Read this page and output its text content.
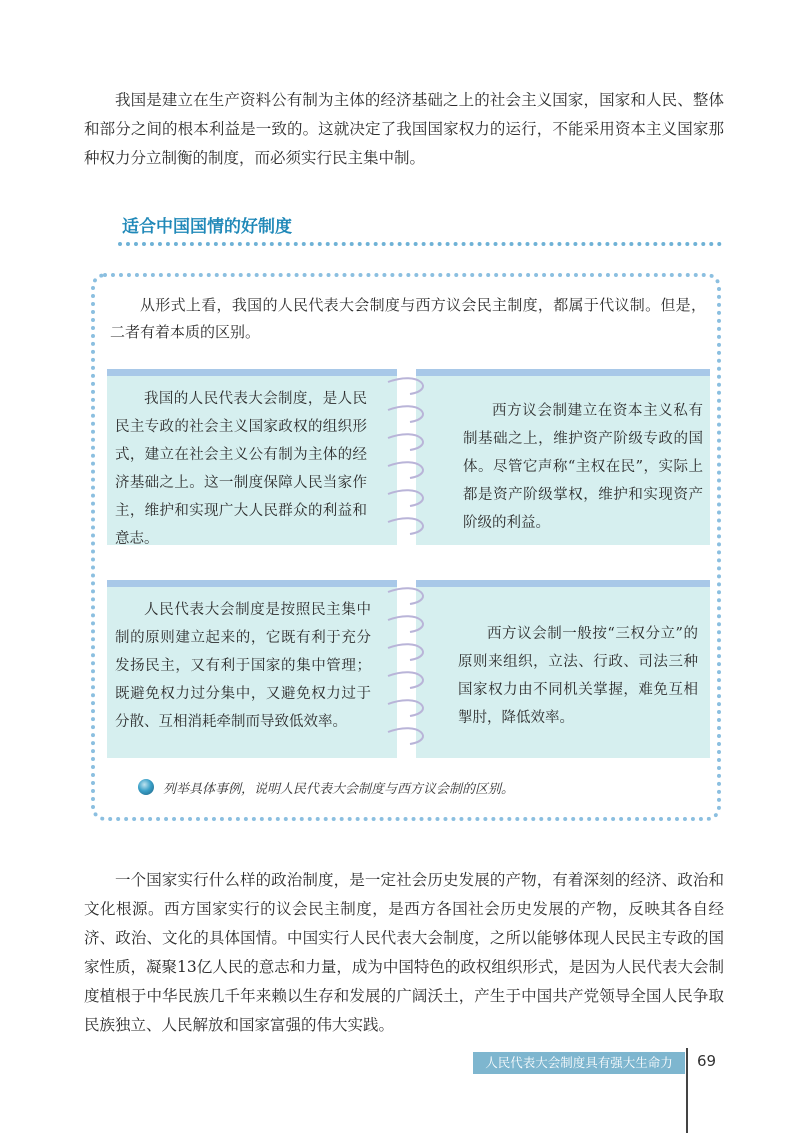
我国是建立在生产资料公有制为主体的经济基础之上的社会主义国家，国家和人民、整体和部分之间的根本利益是一致的。这就决定了我国国家权力的运行，不能采用资本主义国家那种权力分立制衡的制度，而必须实行民主集中制。

适合中国国情的好制度

从形式上看，我国的人民代表大会制度与西方议会民主制度，都属于代议制。但是，二者有着本质的区别。

我国的人民代表大会制度，是人民民主专政的社会主义国家政权的组织形式，建立在社会主义公有制为主体的经济基础之上。这一制度保障人民当家作主，维护和实现广大人民群众的利益和意志。

西方议会制建立在资本主义私有制基础之上，维护资产阶级专政的国体。尽管它声称“主权在民”，实际上都是资产阶级掌权，维护和实现资产阶级的利益。

人民代表大会制度是按照民主集中制的原则建立起来的，它既有利于充分发扬民主，又有利于国家的集中管理；既避免权力过分集中，又避免权力过于分散、互相消耗牵制而导致低效率。

西方议会制一般按“三权分立”的原则来组织，立法、行政、司法三种国家权力由不同机关掌握，难免互相掣肘，降低效率。

列举具体事例，说明人民代表大会制度与西方议会制的区别。

一个国家实行什么样的政治制度，是一定社会历史发展的产物，有着深刻的经济、政治和文化根源。西方国家实行的议会民主制度，是西方各国社会历史发展的产物，反映其各自经济、政治、文化的具体国情。中国实行人民代表大会制度，之所以能够体现人民民主专政的国家性质，凝聚13亿人民的意志和力量，成为中国特色的政权组织形式，是因为人民代表大会制度植根于中华民族几千年来赖以生存和发展的广阔沃土，产生于中国共产党领导全国人民争取民族独立、人民解放和国家富强的伟大实践。

人民代表大会制度具有强大生命力	69
